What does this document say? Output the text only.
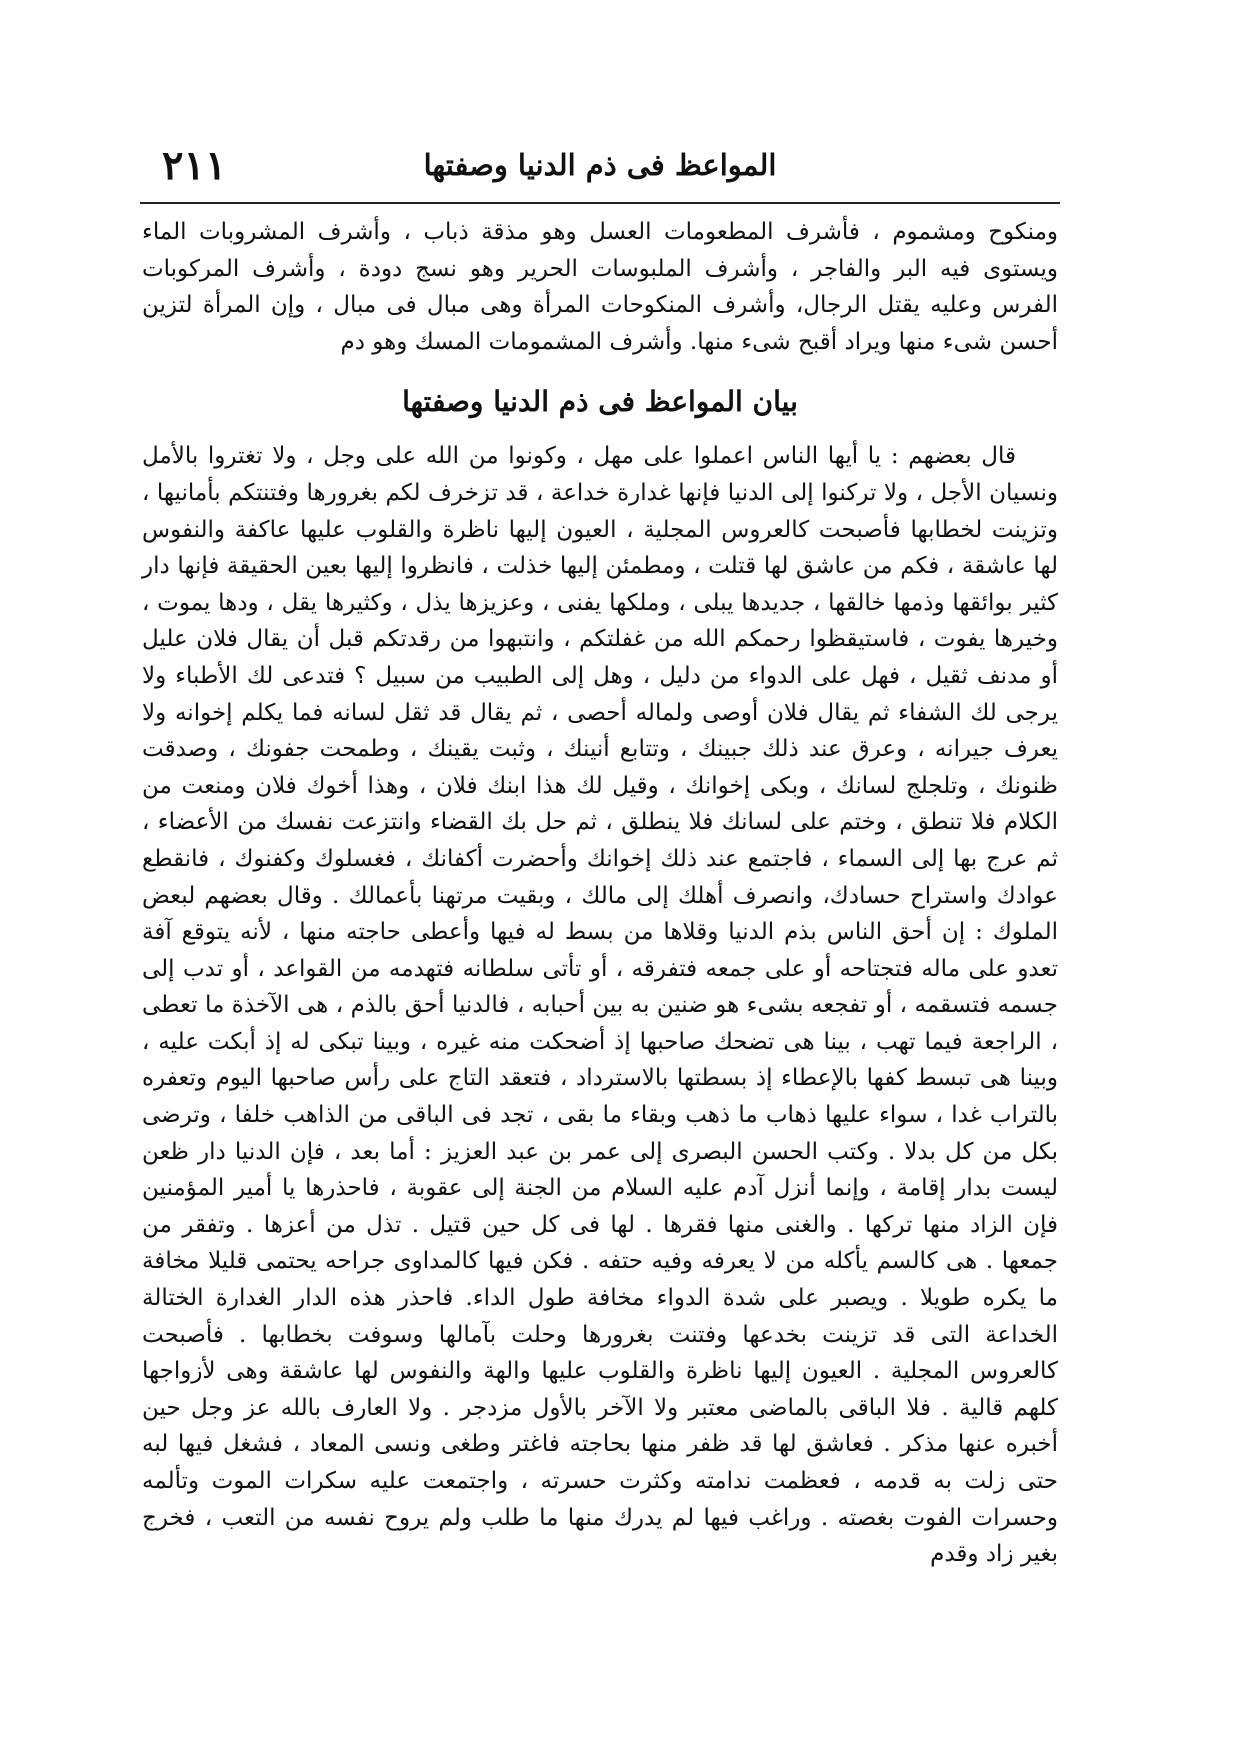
المواعظ فى ذم الدنيا وصفتها
٢١١

ومنكوح ومشموم ، فأشرف المطعومات العسل وهو مذقة ذباب ، وأشرف المشروبات الماء ويستوى فيه البر والفاجر ، وأشرف الملبوسات الحرير وهو نسج دودة ، وأشرف المركوبات الفرس وعليه يقتل الرجال، وأشرف المنكوحات المرأة وهى مبال فى مبال ، وإن المرأة لتزين أحسن شىء منها ويراد أقبح شىء منها. وأشرف المشمومات المسك وهو دم

بيان المواعظ فى ذم الدنيا وصفتها

قال بعضهم : يا أيها الناس اعملوا على مهل ، وكونوا من الله على وجل ، ولا تغتروا بالأمل ونسيان الأجل ، ولا تركنوا إلى الدنيا فإنها غدارة خداعة ، قد تزخرف لكم بغرورها وفتنتكم بأمانيها ، وتزينت لخطابها فأصبحت كالعروس المجلية ، العيون إليها ناظرة والقلوب عليها عاكفة والنفوس لها عاشقة ، فكم من عاشق لها قتلت ، ومطمئن إليها خذلت ، فانظروا إليها بعين الحقيقة فإنها دار كثير بوائقها وذمها خالقها ، جديدها يبلى ، وملكها يفنى ، وعزيزها يذل ، وكثيرها يقل ، ودها يموت ، وخيرها يفوت ، فاستيقظوا رحمكم الله من غفلتكم ، وانتبهوا من رقدتكم قبل أن يقال فلان عليل أو مدنف ثقيل ، فهل على الدواء من دليل ، وهل إلى الطبيب من سبيل ؟ فتدعى لك الأطباء ولا يرجى لك الشفاء ثم يقال فلان أوصى ولماله أحصى ، ثم يقال قد ثقل لسانه فما يكلم إخوانه ولا يعرف جيرانه ، وعرق عند ذلك جبينك ، وتتابع أنينك ، وثبت يقينك ، وطمحت جفونك ، وصدقت ظنونك ، وتلجلج لسانك ، وبكى إخوانك ، وقيل لك هذا ابنك فلان ، وهذا أخوك فلان ومنعت من الكلام فلا تنطق ، وختم على لسانك فلا ينطلق ، ثم حل بك القضاء وانتزعت نفسك من الأعضاء ، ثم عرج بها إلى السماء ، فاجتمع عند ذلك إخوانك وأحضرت أكفانك ، فغسلوك وكفنوك ، فانقطع عوادك واستراح حسادك، وانصرف أهلك إلى مالك ، وبقيت مرتهنا بأعمالك . وقال بعضهم لبعض الملوك : إن أحق الناس بذم الدنيا وقلاها من بسط له فيها وأعطى حاجته منها ، لأنه يتوقع آفة تعدو على ماله فتجتاحه أو على جمعه فتفرقه ، أو تأتى سلطانه فتهدمه من القواعد ، أو تدب إلى جسمه فتسقمه ، أو تفجعه بشىء هو ضنين به بين أحبابه ، فالدنيا أحق بالذم ، هى الآخذة ما تعطى ، الراجعة فيما تهب ، بينا هى تضحك صاحبها إذ أضحكت منه غيره ، وبينا تبكى له إذ أبكت عليه ، وبينا هى تبسط كفها بالإعطاء إذ بسطتها بالاسترداد ، فتعقد التاج على رأس صاحبها اليوم وتعفره بالتراب غدا ، سواء عليها ذهاب ما ذهب وبقاء ما بقى ، تجد فى الباقى من الذاهب خلفا ، وترضى بكل من كل بدلا . وكتب الحسن البصرى إلى عمر بن عبد العزيز : أما بعد ، فإن الدنيا دار ظعن ليست بدار إقامة ، وإنما أنزل آدم عليه السلام من الجنة إلى عقوبة ، فاحذرها يا أمير المؤمنين فإن الزاد منها تركها . والغنى منها فقرها . لها فى كل حين قتيل . تذل من أعزها . وتفقر من جمعها . هى كالسم يأكله من لا يعرفه وفيه حتفه . فكن فيها كالمداوى جراحه يحتمى قليلا مخافة ما يكره طويلا . ويصبر على شدة الدواء مخافة طول الداء. فاحذر هذه الدار الغدارة الختالة الخداعة التى قد تزينت بخدعها وفتنت بغرورها وحلت بآمالها وسوفت بخطابها . فأصبحت كالعروس المجلية . العيون إليها ناظرة والقلوب عليها والهة والنفوس لها عاشقة وهى لأزواجها كلهم قالية . فلا الباقى بالماضى معتبر ولا الآخر بالأول مزدجر . ولا العارف بالله عز وجل حين أخبره عنها مذكر . فعاشق لها قد ظفر منها بحاجته فاغتر وطغى ونسى المعاد ، فشغل فيها لبه حتى زلت به قدمه ، فعظمت ندامته وكثرت حسرته ، واجتمعت عليه سكرات الموت وتألمه وحسرات الفوت بغصته . وراغب فيها لم يدرك منها ما طلب ولم يروح نفسه من التعب ، فخرج بغير زاد وقدم
